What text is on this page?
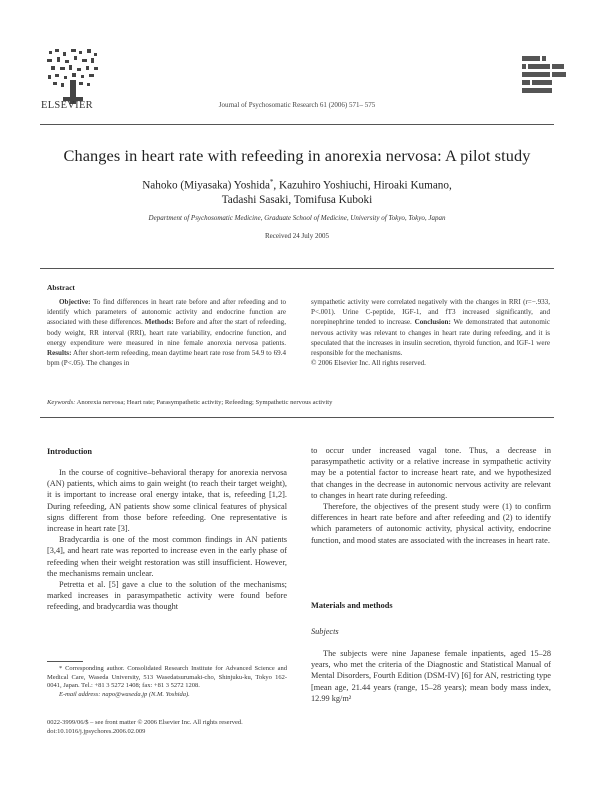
ELSEVIER	Journal of Psychosomatic Research 61 (2006) 571– 575
Changes in heart rate with refeeding in anorexia nervosa: A pilot study
Nahoko (Miyasaka) Yoshida*, Kazuhiro Yoshiuchi, Hiroaki Kumano,
Tadashi Sasaki, Tomifusa Kuboki
Department of Psychosomatic Medicine, Graduate School of Medicine, University of Tokyo, Tokyo, Japan
Received 24 July 2005
Abstract
Objective: To find differences in heart rate before and after refeeding and to identify which parameters of autonomic activity and endocrine function are associated with these differences. Methods: Before and after the start of refeeding, body weight, RR interval (RRI), heart rate variability, endocrine function, and energy expenditure were measured in nine female anorexia nervosa patients. Results: After short-term refeeding, mean daytime heart rate rose from 54.9 to 69.4 bpm (P<.05). The changes in
sympathetic activity were correlated negatively with the changes in RRI (r=−.933, P<.001). Urine C-peptide, IGF-1, and fT3 increased significantly, and norepinephrine tended to increase. Conclusion: We demonstrated that autonomic nervous activity was relevant to changes in heart rate during refeeding, and it is speculated that the increases in insulin secretion, thyroid function, and IGF-1 were responsible for the mechanisms.
© 2006 Elsevier Inc. All rights reserved.
Keywords: Anorexia nervosa; Heart rate; Parasympathetic activity; Refeeding; Sympathetic nervous activity
Introduction

In the course of cognitive–behavioral therapy for anorexia nervosa (AN) patients, which aims to gain weight (to reach their target weight), it is important to increase oral energy intake, that is, refeeding [1,2]. During refeeding, AN patients show some clinical features of physical signs different from those before refeeding. One representative is increase in heart rate [3].

Bradycardia is one of the most common findings in AN patients [3,4], and heart rate was reported to increase even in the early phase of refeeding when their weight restoration was still insufficient. However, the mechanisms remain unclear.

Petretta et al. [5] gave a clue to the solution of the mechanisms; marked increases in parasympathetic activity were found before refeeding, and bradycardia was thought

* Corresponding author. Consolidated Research Institute for Advanced Science and Medical Care, Waseda University, 513 Wasedatsurumaki-cho, Shinjuku-ku, Tokyo 162-0041, Japan. Tel.: +81 3 5272 1408; fax: +81 3 5272 1208.
E-mail address: napo@waseda.jp (N.M. Yoshida).
0022-3999/06/$ – see front matter © 2006 Elsevier Inc. All rights reserved.
doi:10.1016/j.jpsychores.2006.02.009

to occur under increased vagal tone. Thus, a decrease in parasympathetic activity or a relative increase in sympathetic activity may be a potential factor to increase heart rate, and we hypothesized that changes in the decrease in autonomic nervous activity are relevant to changes in heart rate during refeeding.

Therefore, the objectives of the present study were (1) to confirm differences in heart rate before and after refeeding and (2) to identify which parameters of autonomic activity, physical activity, endocrine function, and mood states are associated with the increases in heart rate.

Materials and methods
Subjects

The subjects were nine Japanese female inpatients, aged 15–28 years, who met the criteria of the Diagnostic and Statistical Manual of Mental Disorders, Fourth Edition (DSM-IV) [6] for AN, restricting type [mean age, 21.44 years (range, 15–28 years); mean body mass index, 12.99 kg/m²
